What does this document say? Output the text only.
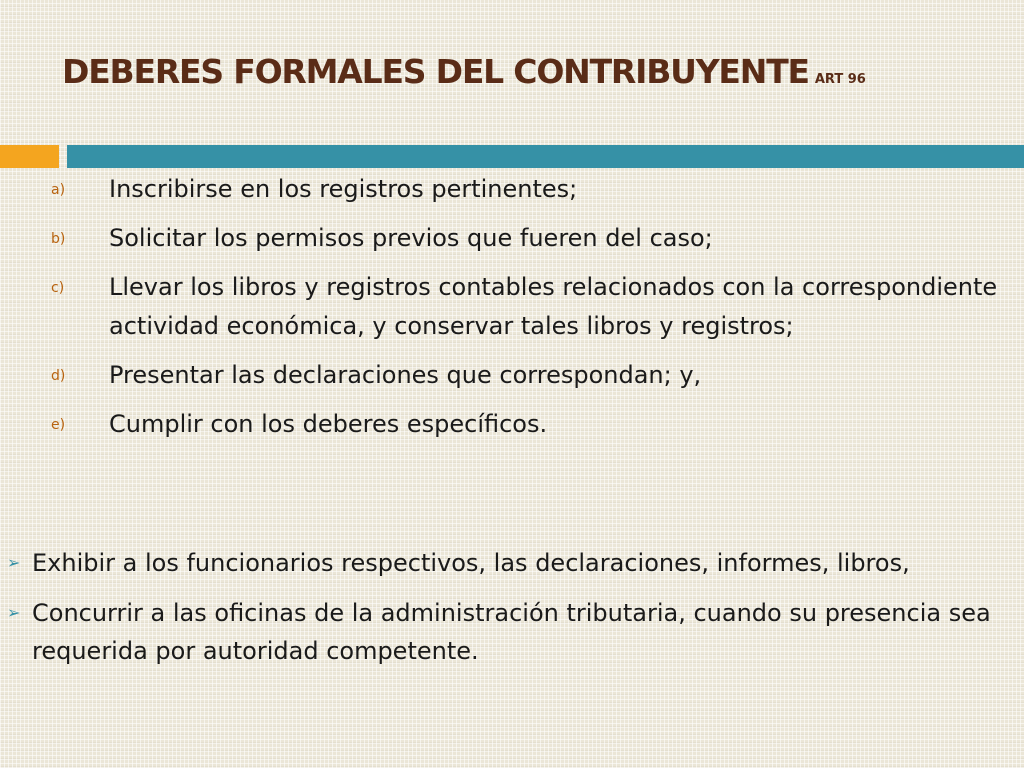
DEBERES FORMALES DEL CONTRIBUYENTE ART 96
a) Inscribirse en los registros pertinentes;
b) Solicitar los permisos previos que fueren del caso;
c) Llevar los libros y registros contables relacionados con la correspondiente actividad económica, y conservar tales libros y registros;
d) Presentar las declaraciones que correspondan; y,
e) Cumplir con los deberes específicos.
➢ Exhibir a los funcionarios respectivos, las declaraciones, informes, libros,
➢ Concurrir a las oficinas de la administración tributaria, cuando su presencia sea requerida por autoridad competente.
